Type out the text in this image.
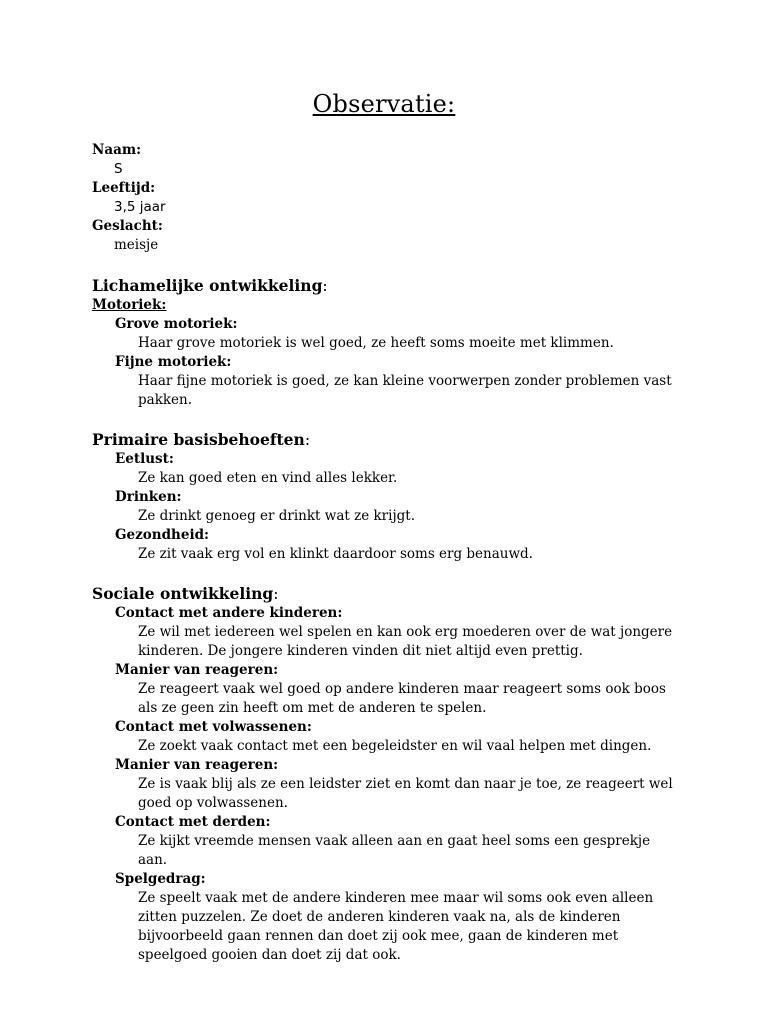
Observatie:
Naam:
S
Leeftijd:
3,5 jaar
Geslacht:
meisje
Lichamelijke ontwikkeling:
Motoriek:
Grove motoriek:
Haar grove motoriek is wel goed, ze heeft soms moeite met klimmen.
Fijne motoriek:
Haar fijne motoriek is goed, ze kan kleine voorwerpen zonder problemen vast pakken.
Primaire basisbehoeften:
Eetlust:
Ze kan goed eten en vind alles lekker.
Drinken:
Ze drinkt genoeg er drinkt wat ze krijgt.
Gezondheid:
Ze zit vaak erg vol en klinkt daardoor soms erg benauwd.
Sociale ontwikkeling:
Contact met andere kinderen:
Ze wil met iedereen wel spelen en kan ook erg moederen over de wat jongere kinderen. De jongere kinderen vinden dit niet altijd even prettig.
Manier van reageren:
Ze reageert vaak wel goed op andere kinderen maar reageert soms ook boos als ze geen zin heeft om met de anderen te spelen.
Contact met volwassenen:
Ze zoekt vaak contact met een begeleidster en wil vaal helpen met dingen.
Manier van reageren:
Ze is vaak blij als ze een leidster ziet en komt dan naar je toe, ze reageert wel goed op volwassenen.
Contact met derden:
Ze kijkt vreemde mensen vaak alleen aan en gaat heel soms een gesprekje aan.
Spelgedrag:
Ze speelt vaak met de andere kinderen mee maar wil soms ook even alleen zitten puzzelen. Ze doet de anderen kinderen vaak na, als de kinderen bijvoorbeeld gaan rennen dan doet zij ook mee, gaan de kinderen met speelgoed gooien dan doet zij dat ook.
